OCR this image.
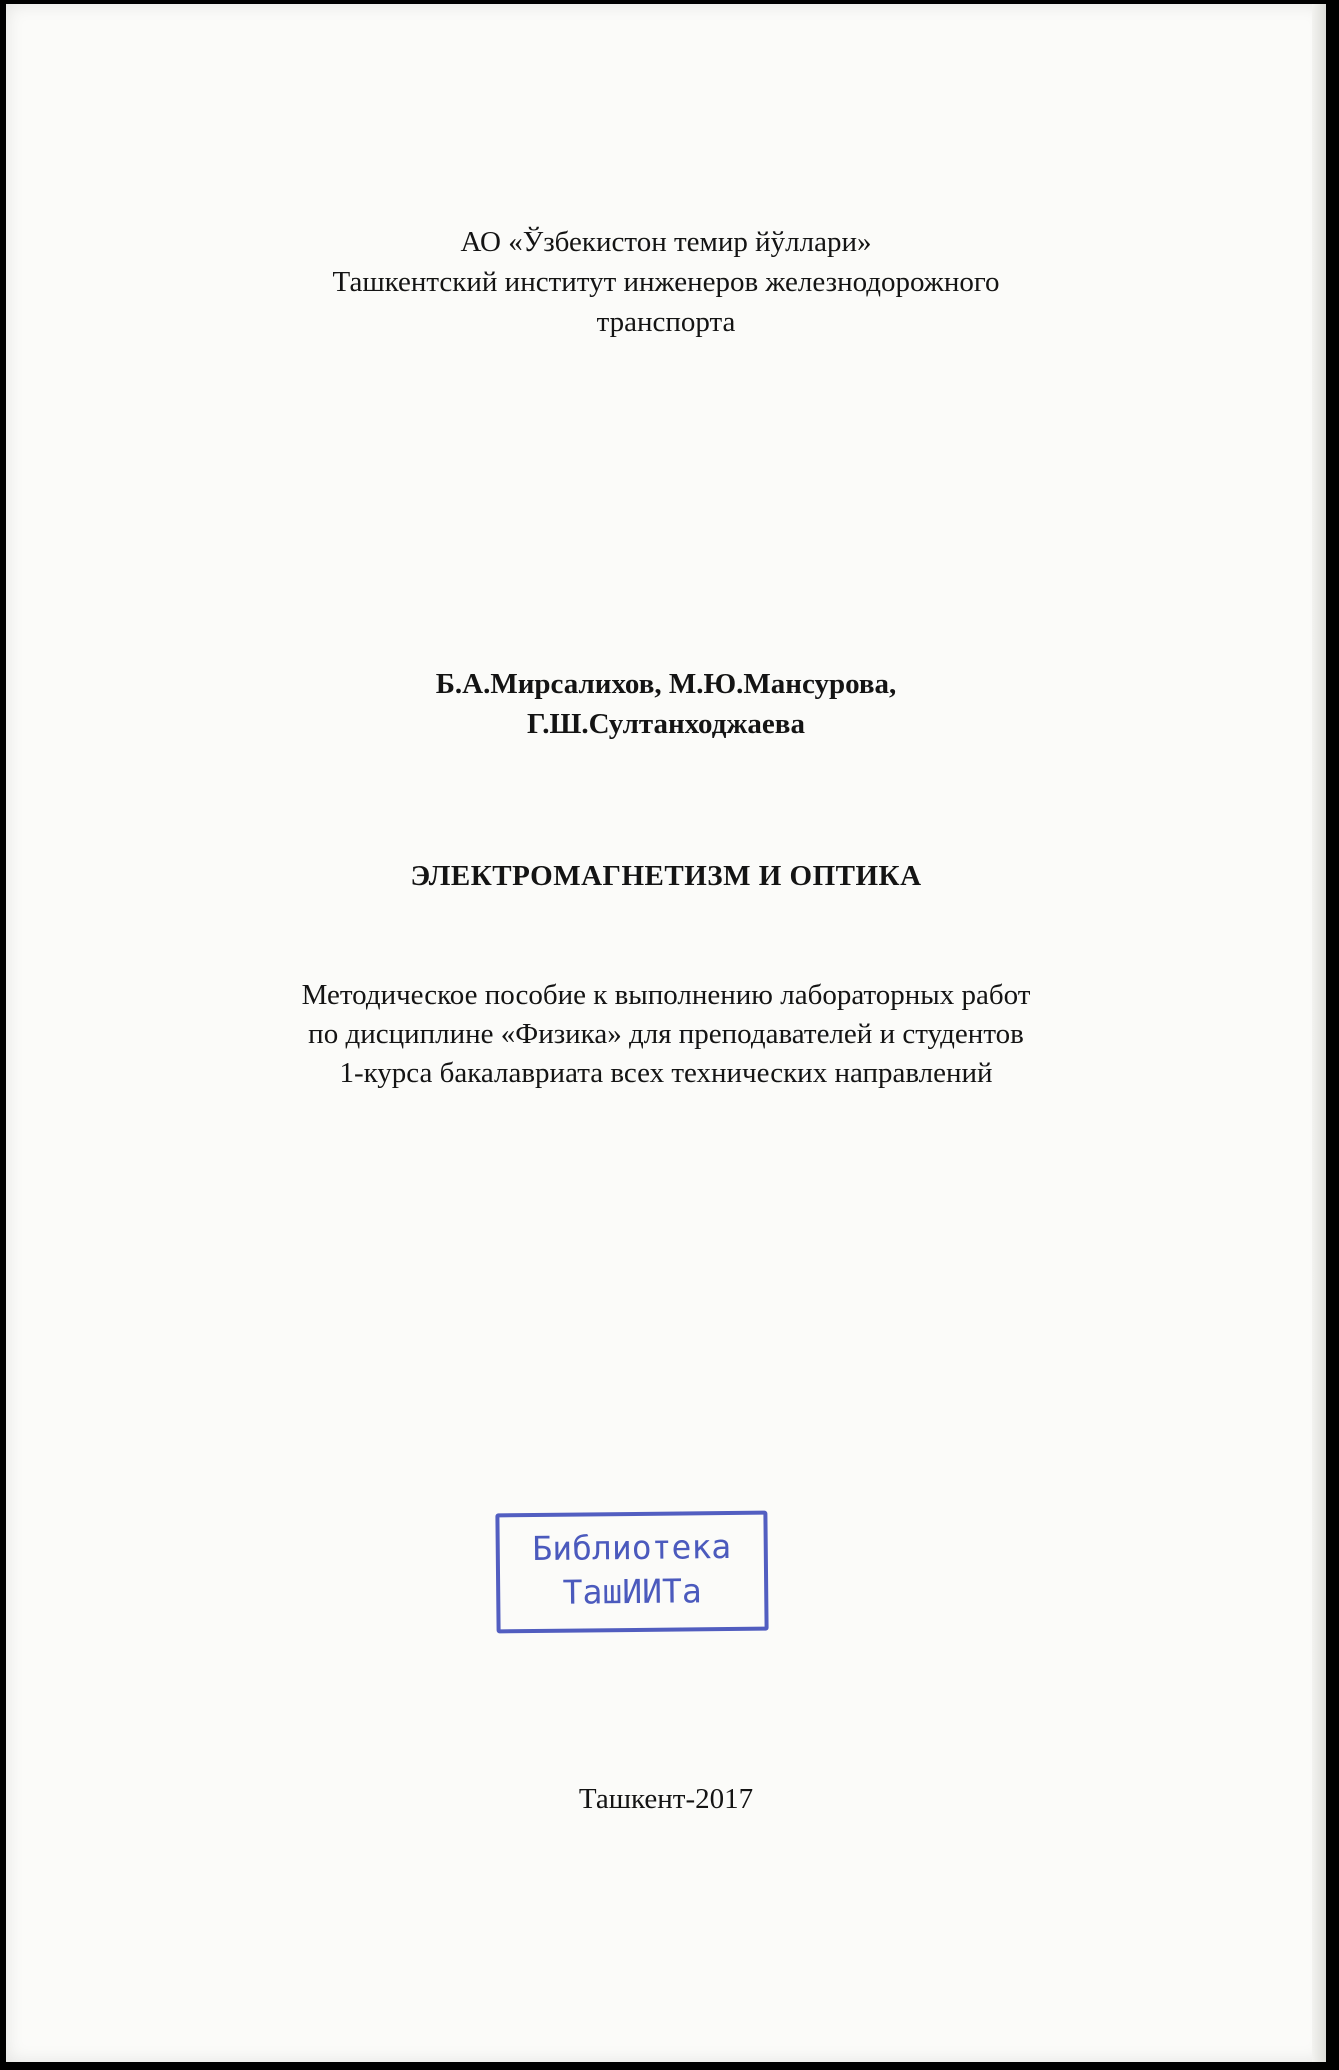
АО «Ўзбекистон темир йўллари»
Ташкентский институт инженеров железнодорожного
транспорта
Б.А.Мирсалихов, М.Ю.Мансурова,
Г.Ш.Султанходжаева
ЭЛЕКТРОМАГНЕТИЗМ И ОПТИКА
Методическое пособие к выполнению лабораторных работ
по дисциплине «Физика» для преподавателей и студентов
1-курса бакалавриата всех технических направлений
Библиотека
ТашИИТа
Ташкент-2017
